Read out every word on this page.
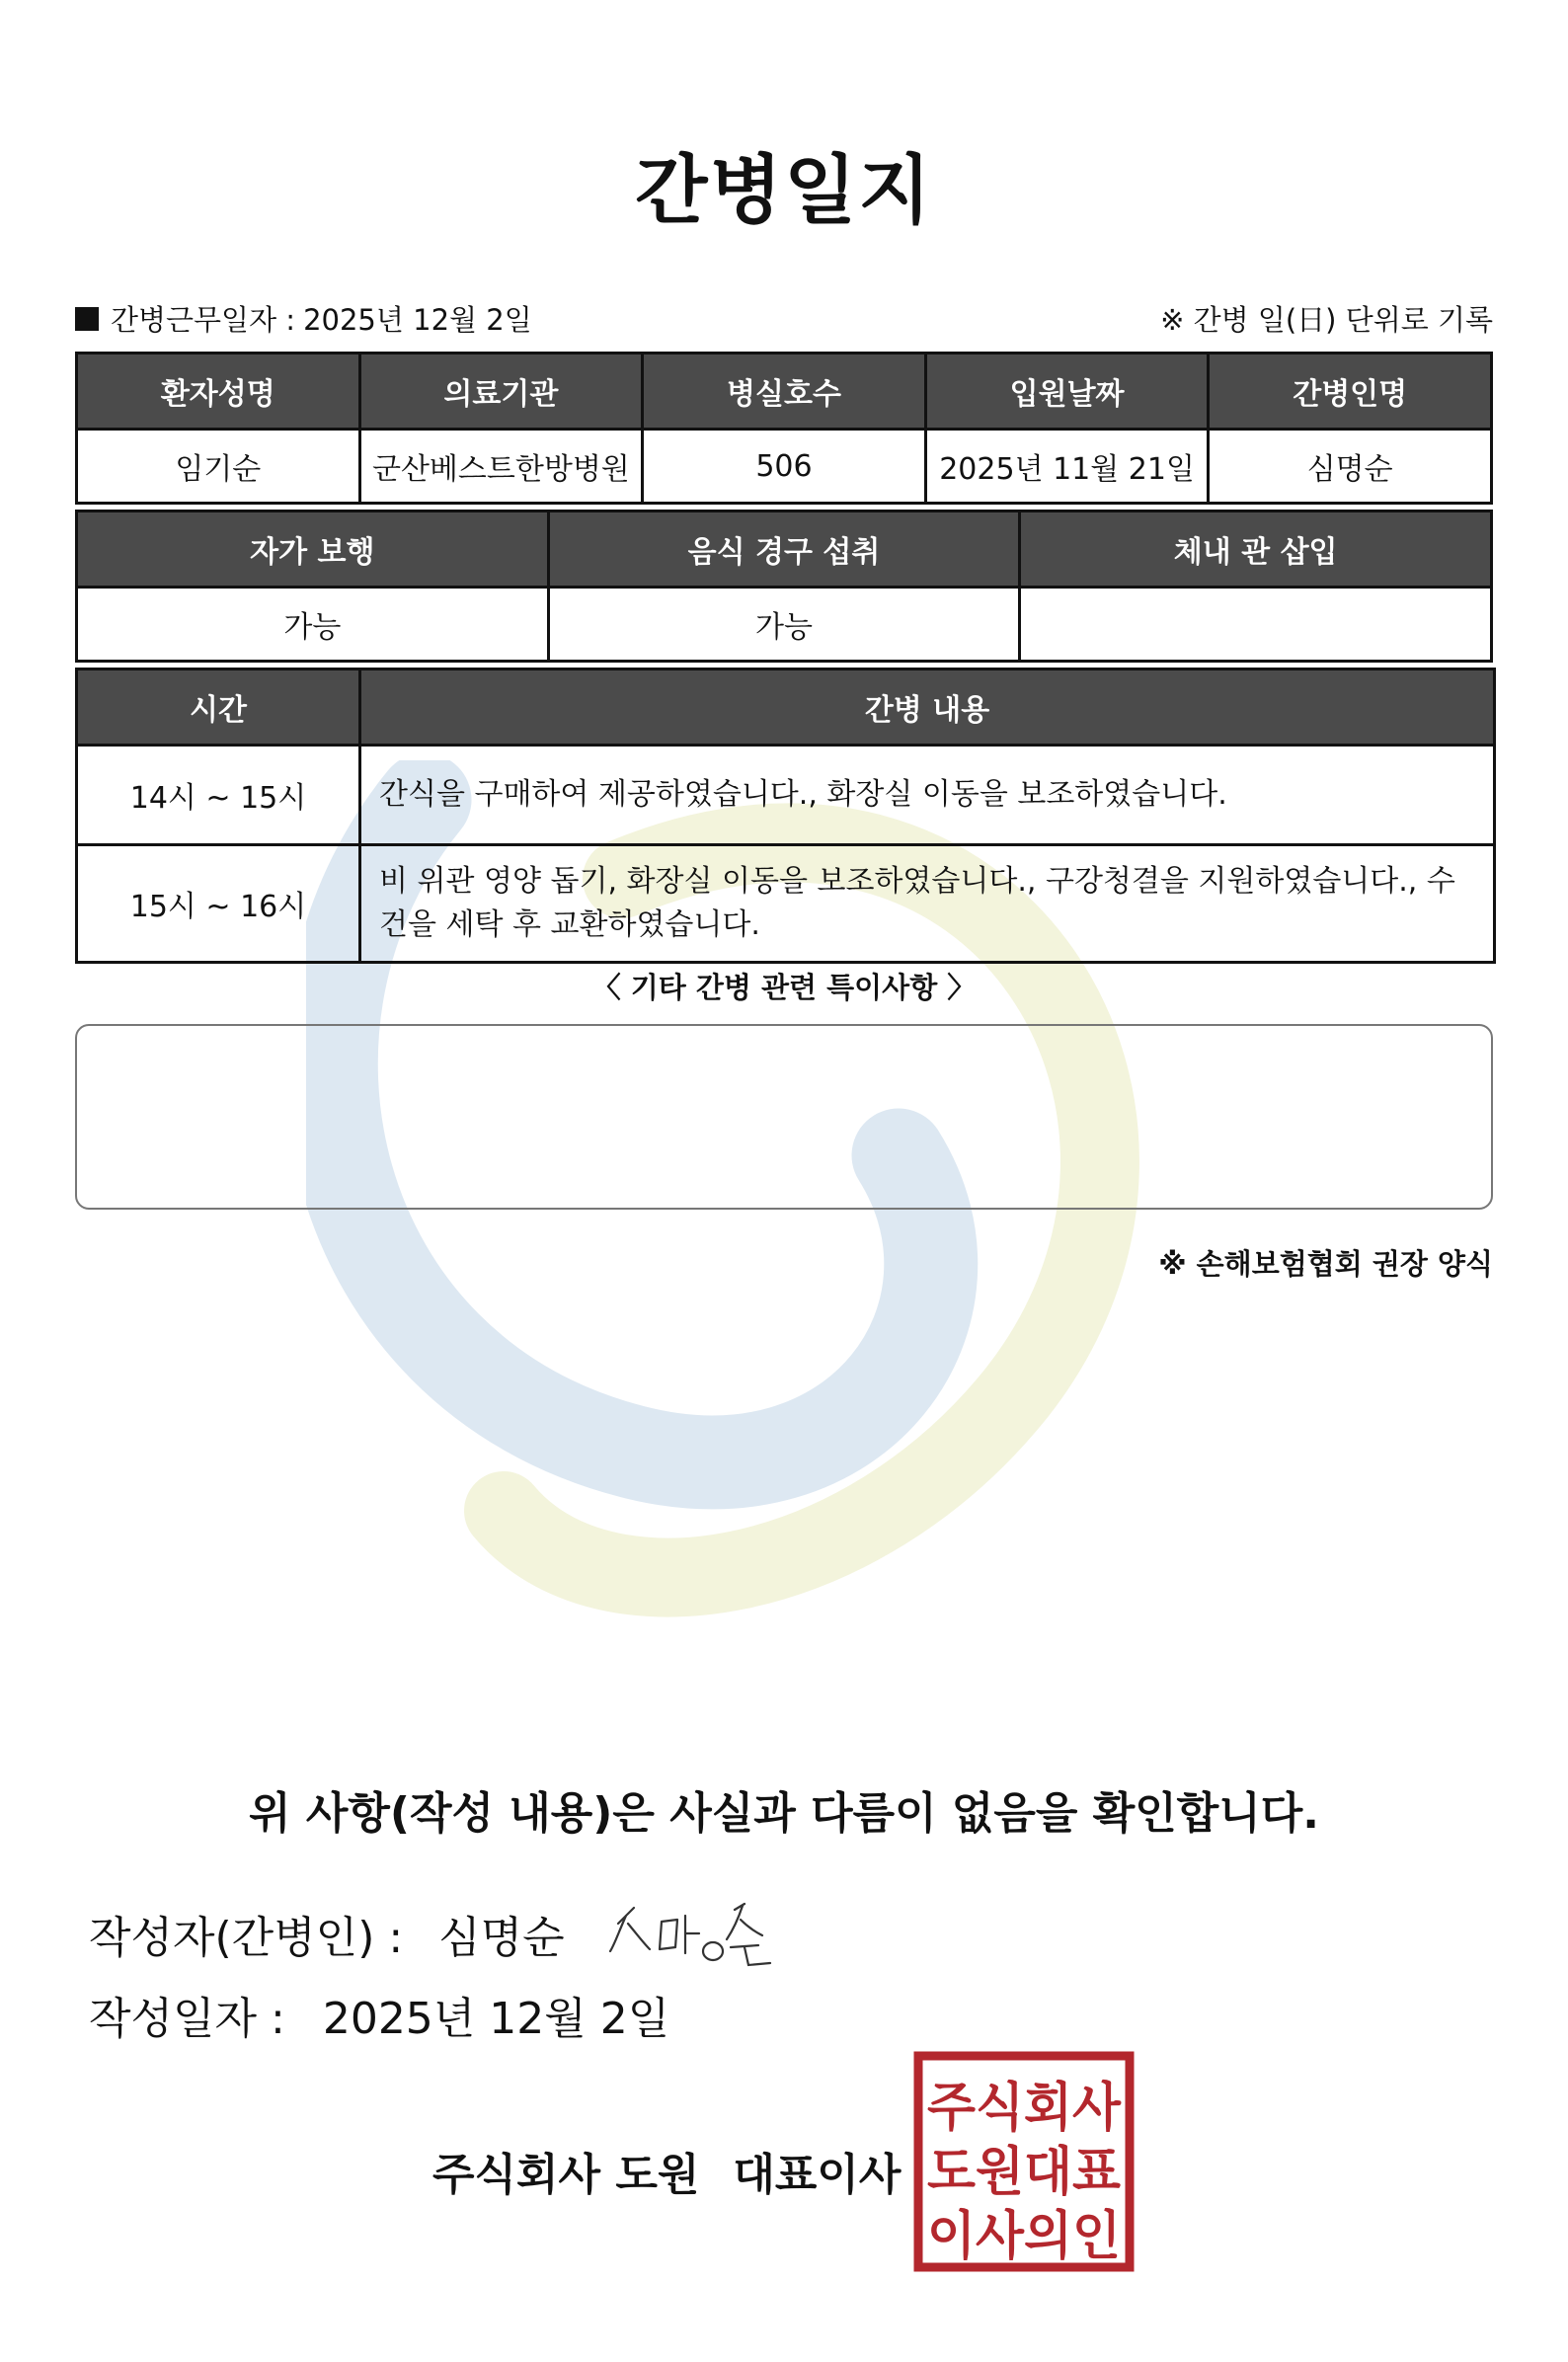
간병일지
간병근무일자 : 2025년 12월 2일	※ 간병 일(日) 단위로 기록
환자성명	의료기관	병실호수	입원날짜	간병인명
임기순	군산베스트한방병원	506	2025년 11월 21일	심명순
자가 보행	음식 경구 섭취	체내 관 삽입
가능	가능	
시간	간병 내용
14시 ~ 15시	간식을 구매하여 제공하였습니다., 화장실 이동을 보조하였습니다.
15시 ~ 16시	비 위관 영양 돕기, 화장실 이동을 보조하였습니다., 구강청결을 지원하였습니다., 수건을 세탁 후 교환하였습니다.
〈 기타 간병 관련 특이사항 〉
※ 손해보험협회 권장 양식
위 사항(작성 내용)은 사실과 다름이 없음을 확인합니다.
작성자(간병인) : 심명순
작성일자 : 2025년 12월 2일
주식회사 도원 대표이사
주식회사
도원대표
이사의인
